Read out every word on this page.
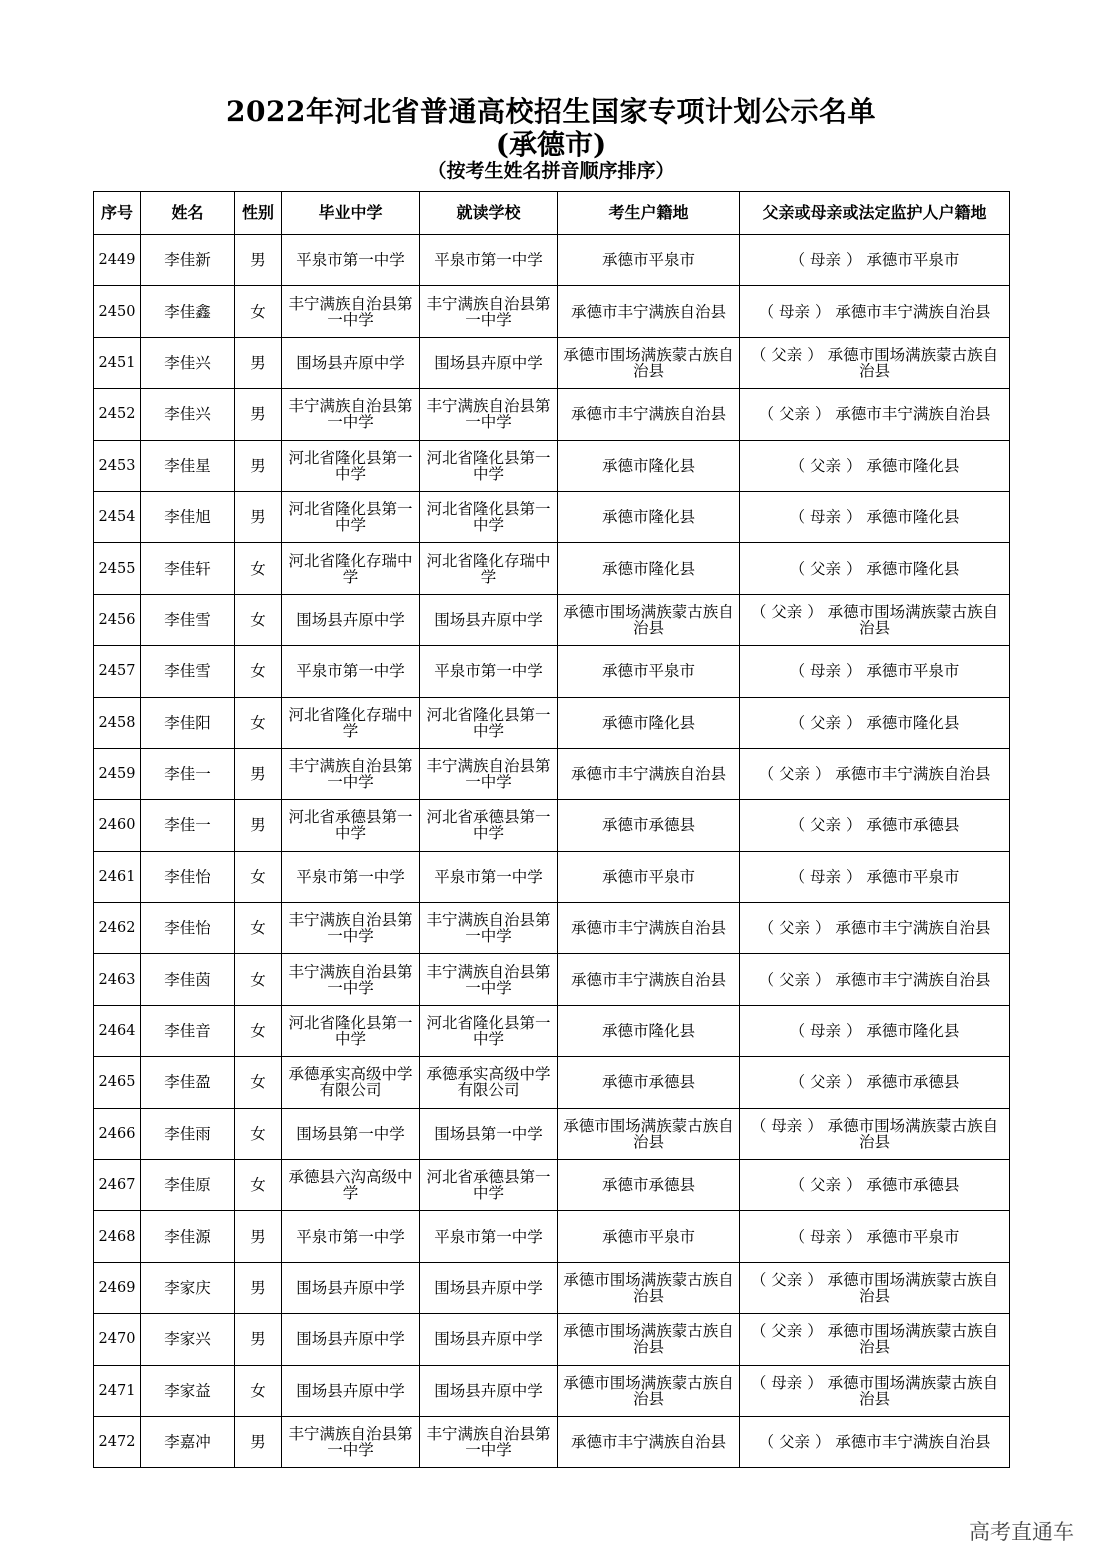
2022年河北省普通高校招生国家专项计划公示名单
(承德市)
（按考生姓名拼音顺序排序）
序号	姓名	性别	毕业中学	就读学校	考生户籍地	父亲或母亲或法定监护人户籍地
2449	李佳新	男	平泉市第一中学	平泉市第一中学	承德市平泉市	（ 母亲 ） 承德市平泉市
2450	李佳鑫	女	丰宁满族自治县第一中学	丰宁满族自治县第一中学	承德市丰宁满族自治县	（ 母亲 ） 承德市丰宁满族自治县
2451	李佳兴	男	围场县卉原中学	围场县卉原中学	承德市围场满族蒙古族自治县	（ 父亲 ） 承德市围场满族蒙古族自治县
2452	李佳兴	男	丰宁满族自治县第一中学	丰宁满族自治县第一中学	承德市丰宁满族自治县	（ 父亲 ） 承德市丰宁满族自治县
2453	李佳星	男	河北省隆化县第一中学	河北省隆化县第一中学	承德市隆化县	（ 父亲 ） 承德市隆化县
2454	李佳旭	男	河北省隆化县第一中学	河北省隆化县第一中学	承德市隆化县	（ 母亲 ） 承德市隆化县
2455	李佳轩	女	河北省隆化存瑞中学	河北省隆化存瑞中学	承德市隆化县	（ 父亲 ） 承德市隆化县
2456	李佳雪	女	围场县卉原中学	围场县卉原中学	承德市围场满族蒙古族自治县	（ 父亲 ） 承德市围场满族蒙古族自治县
2457	李佳雪	女	平泉市第一中学	平泉市第一中学	承德市平泉市	（ 母亲 ） 承德市平泉市
2458	李佳阳	女	河北省隆化存瑞中学	河北省隆化县第一中学	承德市隆化县	（ 父亲 ） 承德市隆化县
2459	李佳一	男	丰宁满族自治县第一中学	丰宁满族自治县第一中学	承德市丰宁满族自治县	（ 父亲 ） 承德市丰宁满族自治县
2460	李佳一	男	河北省承德县第一中学	河北省承德县第一中学	承德市承德县	（ 父亲 ） 承德市承德县
2461	李佳怡	女	平泉市第一中学	平泉市第一中学	承德市平泉市	（ 母亲 ） 承德市平泉市
2462	李佳怡	女	丰宁满族自治县第一中学	丰宁满族自治县第一中学	承德市丰宁满族自治县	（ 父亲 ） 承德市丰宁满族自治县
2463	李佳茵	女	丰宁满族自治县第一中学	丰宁满族自治县第一中学	承德市丰宁满族自治县	（ 父亲 ） 承德市丰宁满族自治县
2464	李佳音	女	河北省隆化县第一中学	河北省隆化县第一中学	承德市隆化县	（ 母亲 ） 承德市隆化县
2465	李佳盈	女	承德承实高级中学有限公司	承德承实高级中学有限公司	承德市承德县	（ 父亲 ） 承德市承德县
2466	李佳雨	女	围场县第一中学	围场县第一中学	承德市围场满族蒙古族自治县	（ 母亲 ） 承德市围场满族蒙古族自治县
2467	李佳原	女	承德县六沟高级中学	河北省承德县第一中学	承德市承德县	（ 父亲 ） 承德市承德县
2468	李佳源	男	平泉市第一中学	平泉市第一中学	承德市平泉市	（ 母亲 ） 承德市平泉市
2469	李家庆	男	围场县卉原中学	围场县卉原中学	承德市围场满族蒙古族自治县	（ 父亲 ） 承德市围场满族蒙古族自治县
2470	李家兴	男	围场县卉原中学	围场县卉原中学	承德市围场满族蒙古族自治县	（ 父亲 ） 承德市围场满族蒙古族自治县
2471	李家益	女	围场县卉原中学	围场县卉原中学	承德市围场满族蒙古族自治县	（ 母亲 ） 承德市围场满族蒙古族自治县
2472	李嘉冲	男	丰宁满族自治县第一中学	丰宁满族自治县第一中学	承德市丰宁满族自治县	（ 父亲 ） 承德市丰宁满族自治县
高考直通车
